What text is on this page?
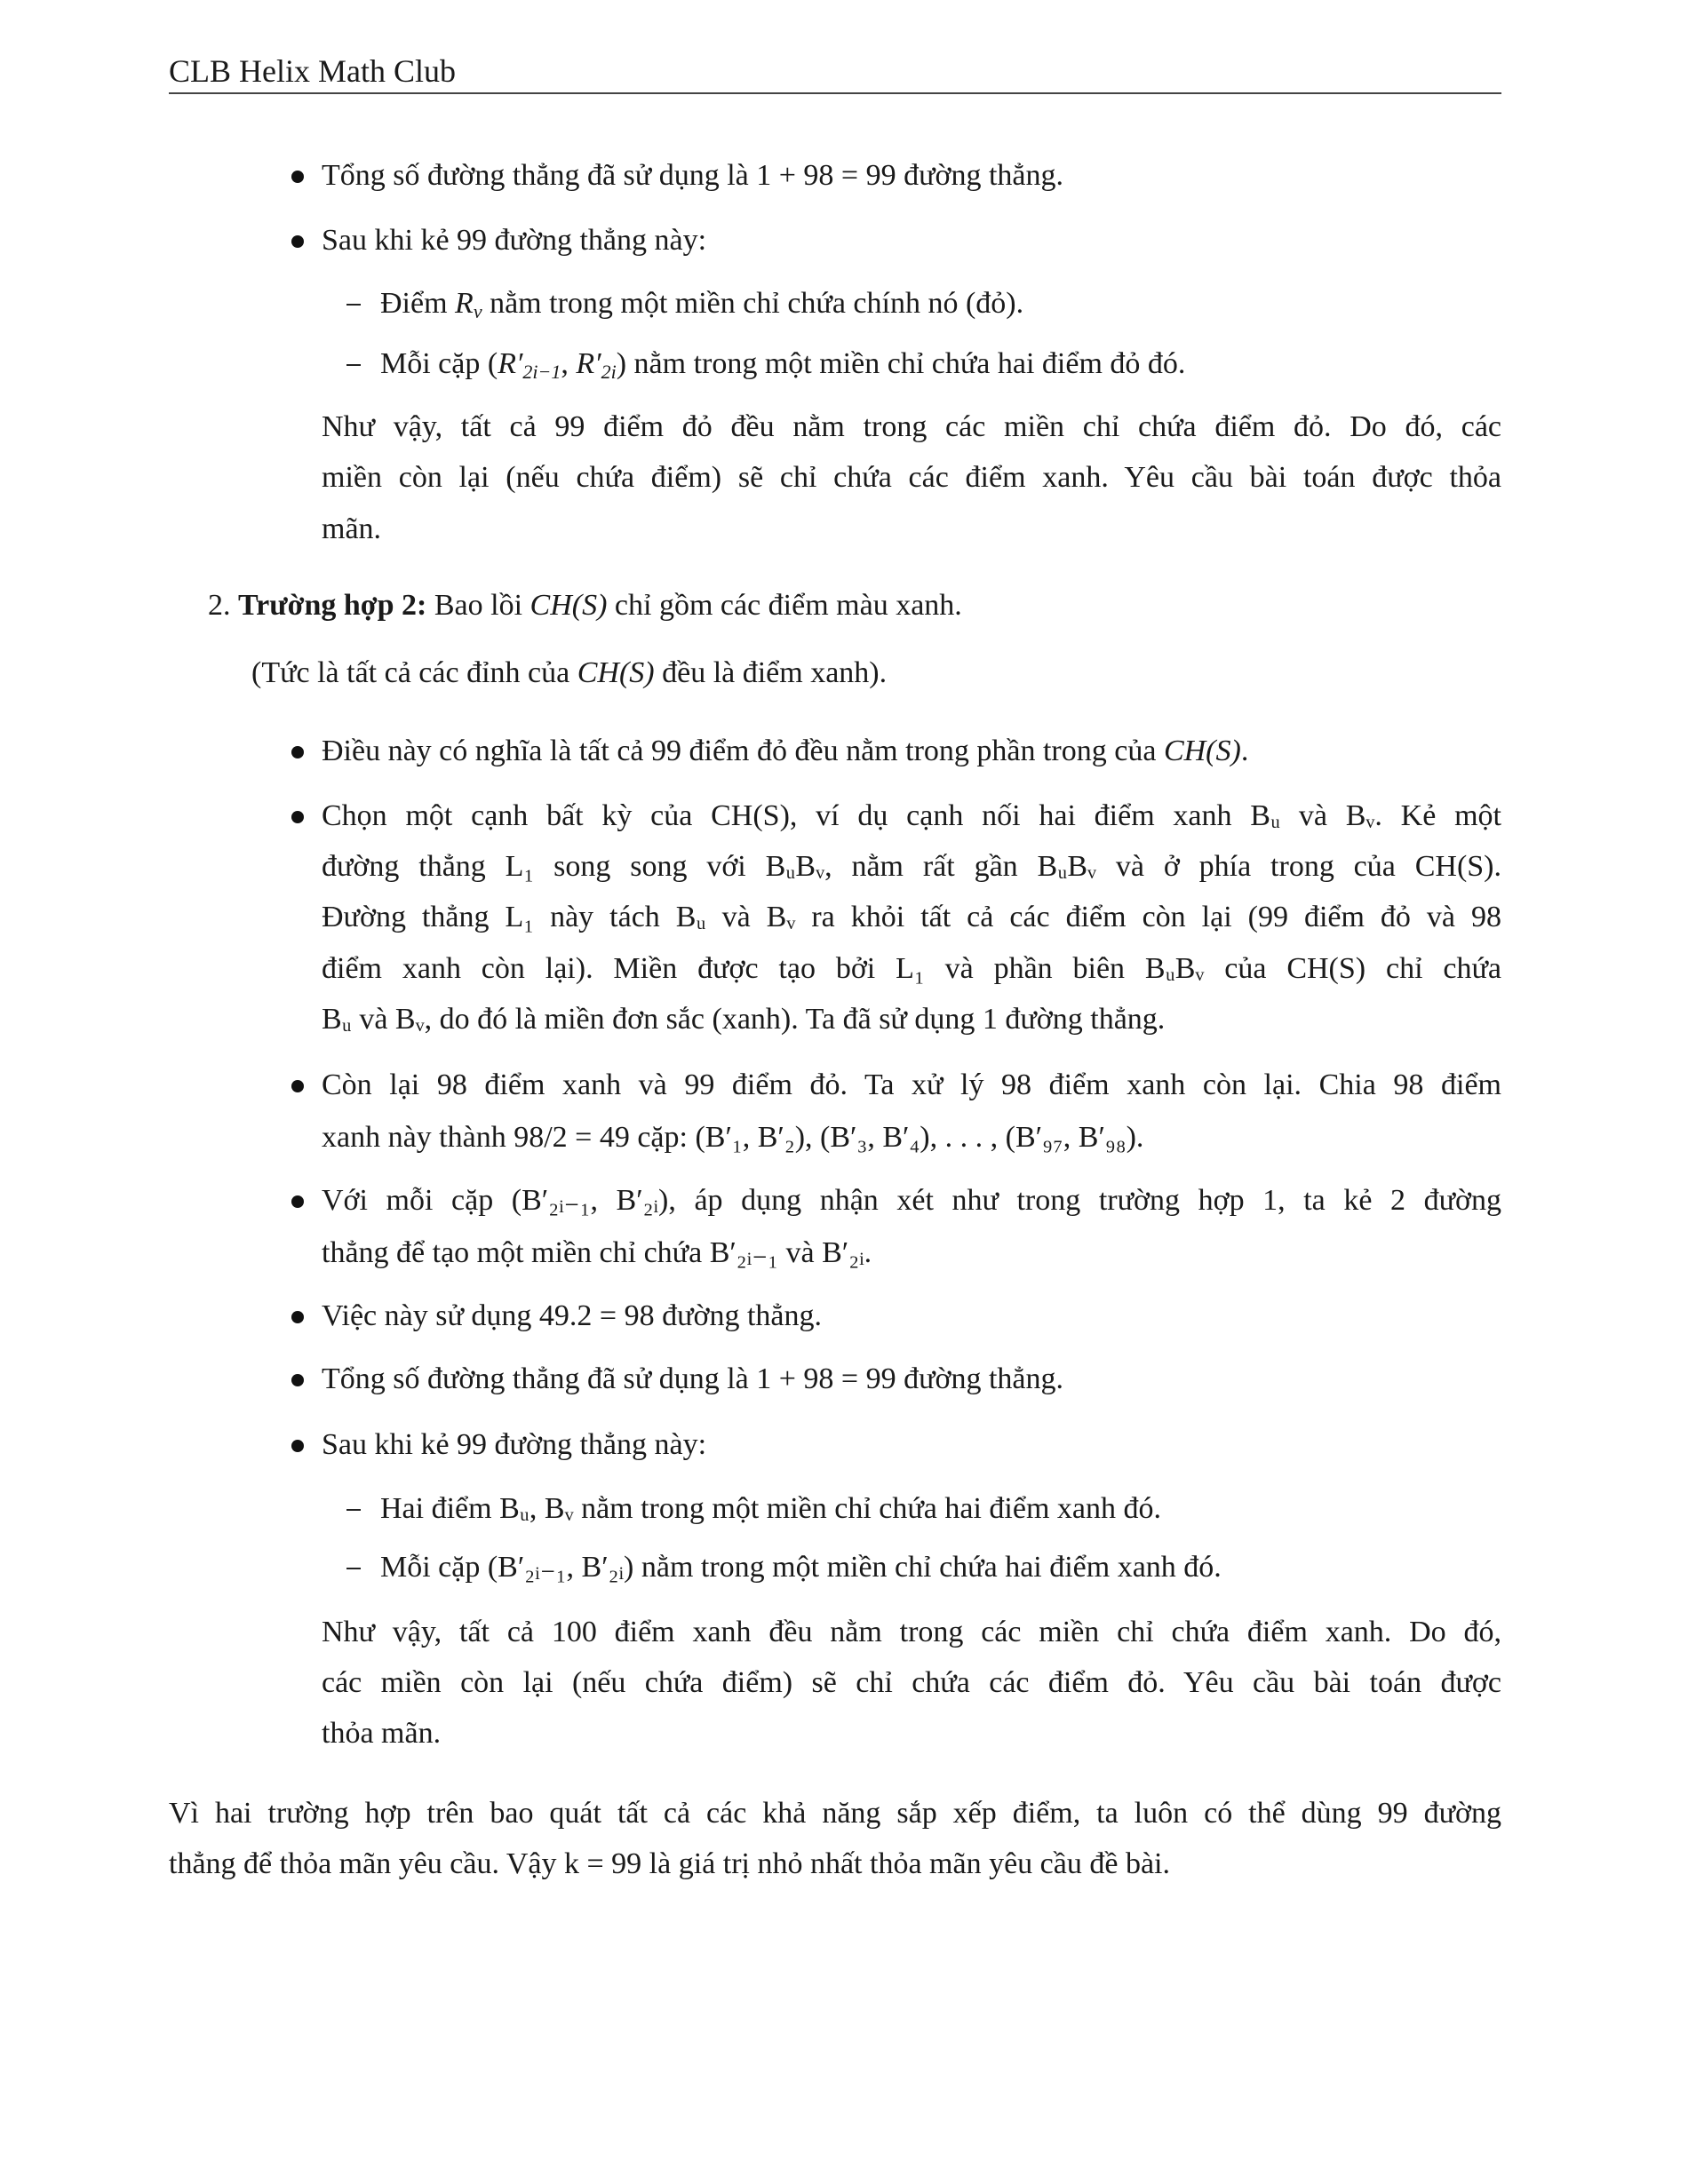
CLB Helix Math Club
Tổng số đường thẳng đã sử dụng là 1 + 98 = 99 đường thẳng.
Sau khi kẻ 99 đường thẳng này:
Điểm $R_v$ nằm trong một miền chỉ chứa chính nó (đỏ).
Mỗi cặp ($R'_{2i-1}$, $R'_{2i}$) nằm trong một miền chỉ chứa hai điểm đỏ đó.
Như vậy, tất cả 99 điểm đỏ đều nằm trong các miền chỉ chứa điểm đỏ. Do đó, các
miền còn lại (nếu chứa điểm) sẽ chỉ chứa các điểm xanh. Yêu cầu bài toán được thỏa
mãn.
2. Trường hợp 2: Bao lồi CH(S) chỉ gồm các điểm màu xanh.
(Tức là tất cả các đỉnh của CH(S) đều là điểm xanh).
Điều này có nghĩa là tất cả 99 điểm đỏ đều nằm trong phần trong của CH(S).
Chọn một cạnh bất kỳ của CH(S), ví dụ cạnh nối hai điểm xanh Bᵤ và Bᵥ. Kẻ một
đường thẳng L₁ song song với BᵤBᵥ, nằm rất gần BᵤBᵥ và ở phía trong của CH(S).
Đường thẳng L₁ này tách Bᵤ và Bᵥ ra khỏi tất cả các điểm còn lại (99 điểm đỏ và 98
điểm xanh còn lại). Miền được tạo bởi L₁ và phần biên BᵤBᵥ của CH(S) chỉ chứa
Bᵤ và Bᵥ, do đó là miền đơn sắc (xanh). Ta đã sử dụng 1 đường thẳng.
Còn lại 98 điểm xanh và 99 điểm đỏ. Ta xử lý 98 điểm xanh còn lại. Chia 98 điểm
xanh này thành 98/2 = 49 cặp: (B′₁, B′₂), (B′₃, B′₄), . . . , (B′₉₇, B′₉₈).
Với mỗi cặp (B′₂ᵢ₋₁, B′₂ᵢ), áp dụng nhận xét như trong trường hợp 1, ta kẻ 2 đường
thẳng để tạo một miền chỉ chứa B′₂ᵢ₋₁ và B′₂ᵢ.
Việc này sử dụng 49.2 = 98 đường thẳng.
Tổng số đường thẳng đã sử dụng là 1 + 98 = 99 đường thẳng.
Sau khi kẻ 99 đường thẳng này:
Hai điểm Bᵤ, Bᵥ nằm trong một miền chỉ chứa hai điểm xanh đó.
Mỗi cặp (B′₂ᵢ₋₁, B′₂ᵢ) nằm trong một miền chỉ chứa hai điểm xanh đó.
Như vậy, tất cả 100 điểm xanh đều nằm trong các miền chỉ chứa điểm xanh. Do đó,
các miền còn lại (nếu chứa điểm) sẽ chỉ chứa các điểm đỏ. Yêu cầu bài toán được
thỏa mãn.
Vì hai trường hợp trên bao quát tất cả các khả năng sắp xếp điểm, ta luôn có thể dùng 99 đường
thẳng để thỏa mãn yêu cầu. Vậy k = 99 là giá trị nhỏ nhất thỏa mãn yêu cầu đề bài.
